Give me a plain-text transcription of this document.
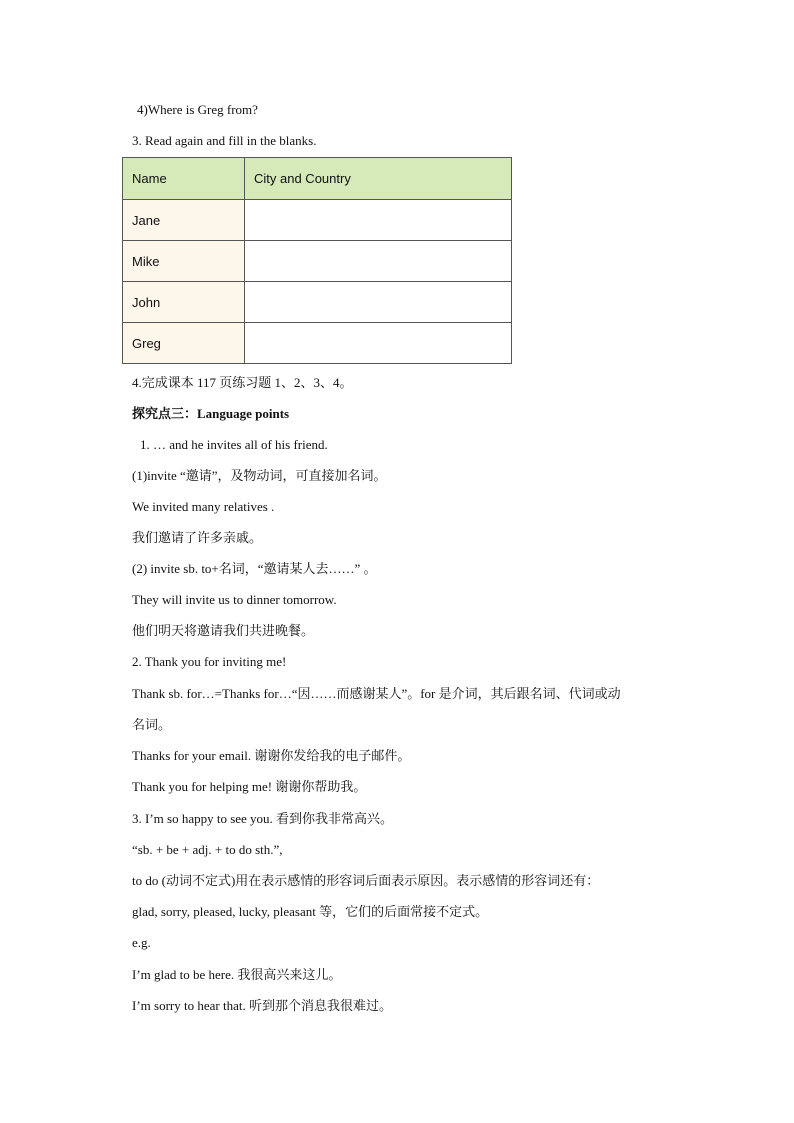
4)Where is Greg from?
3. Read again and fill in the blanks.
Name	City and Country
Jane	
Mike	
John	
Greg	
4.完成课本 117 页练习题 1、2、3、4。
探究点三：Language points
1. … and he invites all of his friend.
(1)invite “邀请”，及物动词，可直接加名词。
We invited many relatives .
我们邀请了许多亲戚。
(2) invite sb. to+名词，“邀请某人去……” 。
They will invite us to dinner tomorrow.
他们明天将邀请我们共进晚餐。
2. Thank you for inviting me!
Thank sb. for…=Thanks for…“因……而感谢某人”。for 是介词，其后跟名词、代词或动
名词。
Thanks for your email. 谢谢你发给我的电子邮件。
Thank you for helping me! 谢谢你帮助我。
3. I’m so happy to see you. 看到你我非常高兴。
“sb. + be + adj. + to do sth.”,
to do (动词不定式)用在表示感情的形容词后面表示原因。表示感情的形容词还有：
glad, sorry, pleased, lucky, pleasant 等，它们的后面常接不定式。
e.g.
I’m glad to be here. 我很高兴来这儿。
I’m sorry to hear that. 听到那个消息我很难过。
